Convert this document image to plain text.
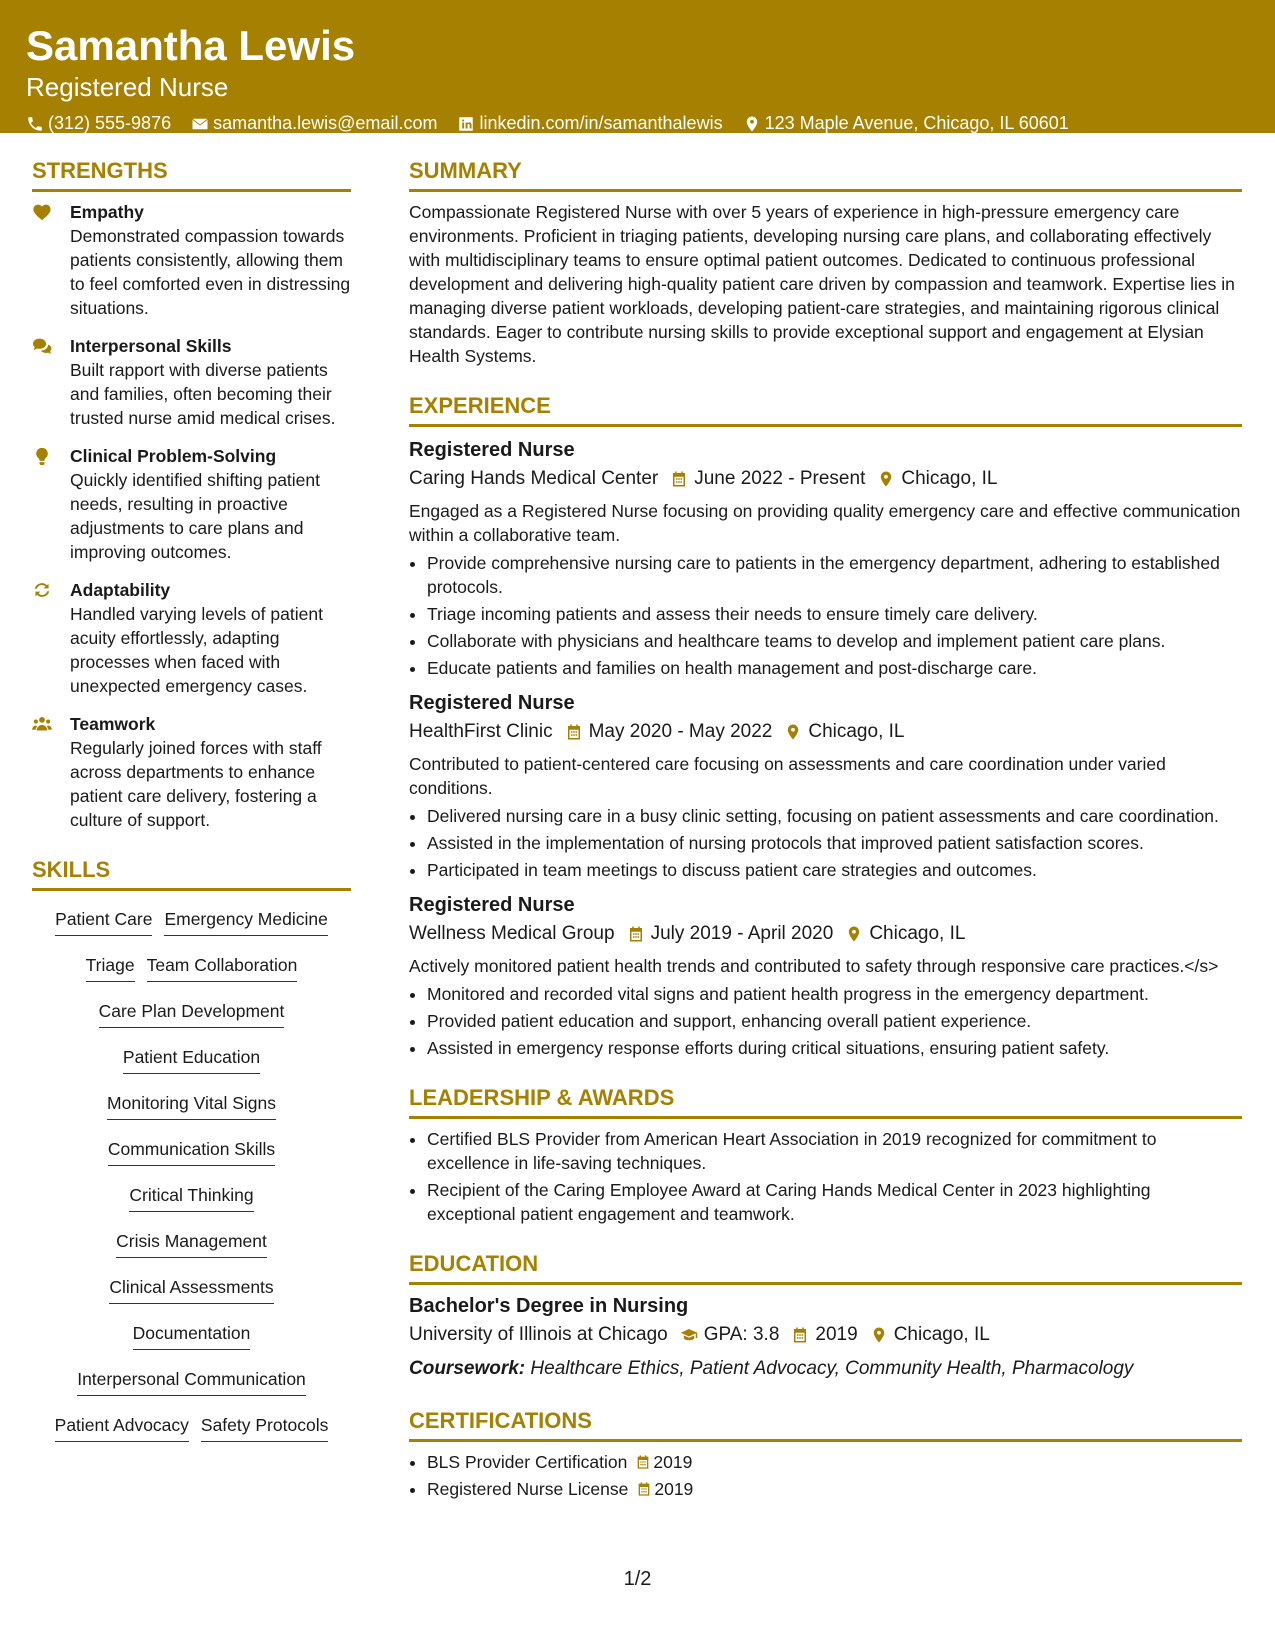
Samantha Lewis
Registered Nurse
(312) 555-9876 samantha.lewis@email.com linkedin.com/in/samanthalewis 123 Maple Avenue, Chicago, IL 60601
STRENGTHS
Empathy
Demonstrated compassion towards patients consistently, allowing them to feel comforted even in distressing situations.
Interpersonal Skills
Built rapport with diverse patients and families, often becoming their trusted nurse amid medical crises.
Clinical Problem-Solving
Quickly identified shifting patient needs, resulting in proactive adjustments to care plans and improving outcomes.
Adaptability
Handled varying levels of patient acuity effortlessly, adapting processes when faced with unexpected emergency cases.
Teamwork
Regularly joined forces with staff across departments to enhance patient care delivery, fostering a culture of support.
SKILLS
Patient Care Emergency Medicine
Triage Team Collaboration
Care Plan Development
Patient Education
Monitoring Vital Signs
Communication Skills
Critical Thinking
Crisis Management
Clinical Assessments
Documentation
Interpersonal Communication
Patient Advocacy Safety Protocols
SUMMARY

Compassionate Registered Nurse with over 5 years of experience in high-pressure emergency care environments. Proficient in triaging patients, developing nursing care plans, and collaborating effectively with multidisciplinary teams to ensure optimal patient outcomes. Dedicated to continuous professional development and delivering high-quality patient care driven by compassion and teamwork. Expertise lies in managing diverse patient workloads, developing patient-care strategies, and maintaining rigorous clinical standards. Eager to contribute nursing skills to provide exceptional support and engagement at Elysian Health Systems.

EXPERIENCE
Registered Nurse
Caring Hands Medical Center June 2022 - Present Chicago, IL

Engaged as a Registered Nurse focusing on providing quality emergency care and effective communication within a collaborative team.

• Provide comprehensive nursing care to patients in the emergency department, adhering to established protocols.
• Triage incoming patients and assess their needs to ensure timely care delivery.
• Collaborate with physicians and healthcare teams to develop and implement patient care plans.
• Educate patients and families on health management and post-discharge care.
Registered Nurse
HealthFirst Clinic May 2020 - May 2022 Chicago, IL

Contributed to patient-centered care focusing on assessments and care coordination under varied conditions.

• Delivered nursing care in a busy clinic setting, focusing on patient assessments and care coordination.
• Assisted in the implementation of nursing protocols that improved patient satisfaction scores.
• Participated in team meetings to discuss patient care strategies and outcomes.
Registered Nurse
Wellness Medical Group July 2019 - April 2020 Chicago, IL

Actively monitored patient health trends and contributed to safety through responsive care practices.</s>

• Monitored and recorded vital signs and patient health progress in the emergency department.
• Provided patient education and support, enhancing overall patient experience.
• Assisted in emergency response efforts during critical situations, ensuring patient safety.
LEADERSHIP & AWARDS
• Certified BLS Provider from American Heart Association in 2019 recognized for commitment to excellence in life-saving techniques.
• Recipient of the Caring Employee Award at Caring Hands Medical Center in 2023 highlighting exceptional patient engagement and teamwork.
EDUCATION
Bachelor's Degree in Nursing
University of Illinois at Chicago GPA: 3.8 2019 Chicago, IL
Coursework: Healthcare Ethics, Patient Advocacy, Community Health, Pharmacology
CERTIFICATIONS
• BLS Provider Certification 2019
• Registered Nurse License 2019
1/2
